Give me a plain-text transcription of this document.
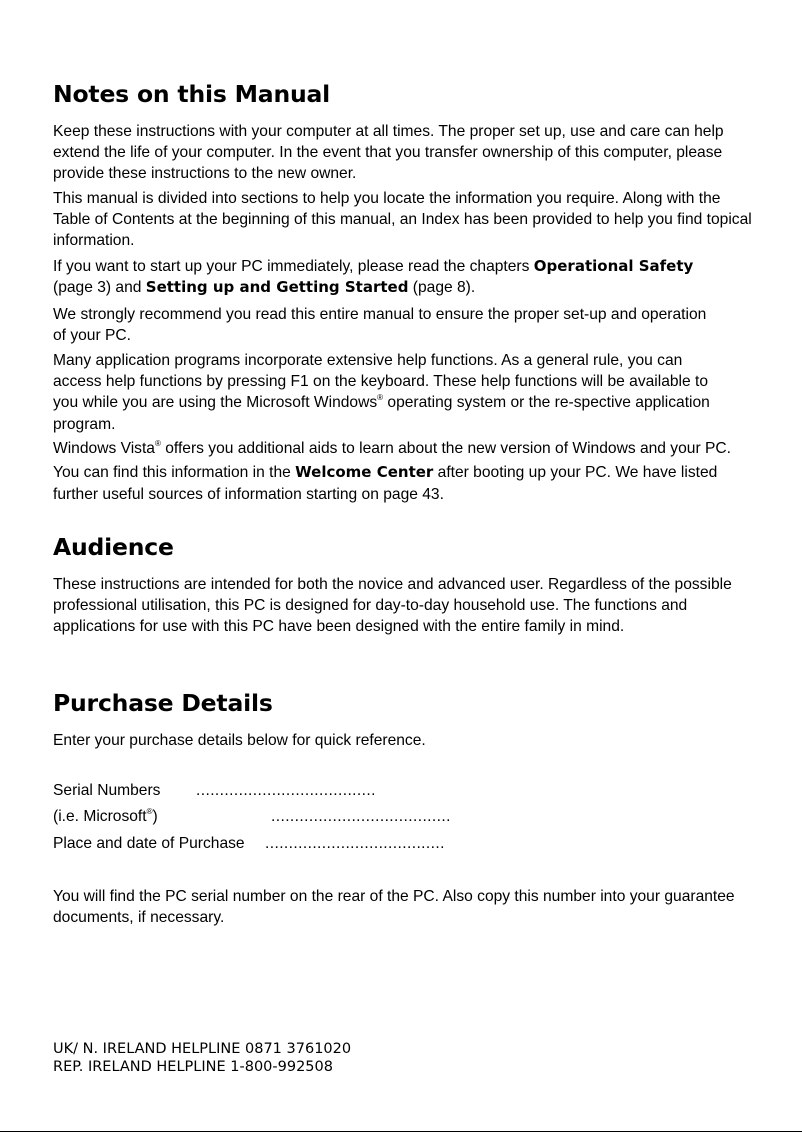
Notes on this Manual

Keep these instructions with your computer at all times. The proper set up, use and care can help extend the life of your computer. In the event that you transfer ownership of this computer, please provide these instructions to the new owner.

This manual is divided into sections to help you locate the information you require. Along with the Table of Contents at the beginning of this manual, an Index has been provided to help you find topical information.

If you want to start up your PC immediately, please read the chapters Operational Safety (page 3) and Setting up and Getting Started (page 8).

We strongly recommend you read this entire manual to ensure the proper set-up and operation of your PC.

Many application programs incorporate extensive help functions. As a general rule, you can access help functions by pressing F1 on the keyboard. These help functions will be available to you while you are using the Microsoft Windows® operating system or the re-spective application program.

Windows Vista® offers you additional aids to learn about the new version of Windows and your PC. You can find this information in the Welcome Center after booting up your PC. We have listed further useful sources of information starting on page 43.

Audience

These instructions are intended for both the novice and advanced user. Regardless of the possible professional utilisation, this PC is designed for day-to-day household use. The functions and applications for use with this PC have been designed with the entire family in mind.

Purchase Details

Enter your purchase details below for quick reference.

Serial Numbers ......................................
(i.e. Microsoft®)	......................................
Place and date of Purchase ......................................

You will find the PC serial number on the rear of the PC. Also copy this number into your guarantee documents, if necessary.

UK/ N. IRELAND HELPLINE 0871 3761020

REP. IRELAND HELPLINE 1-800-992508
